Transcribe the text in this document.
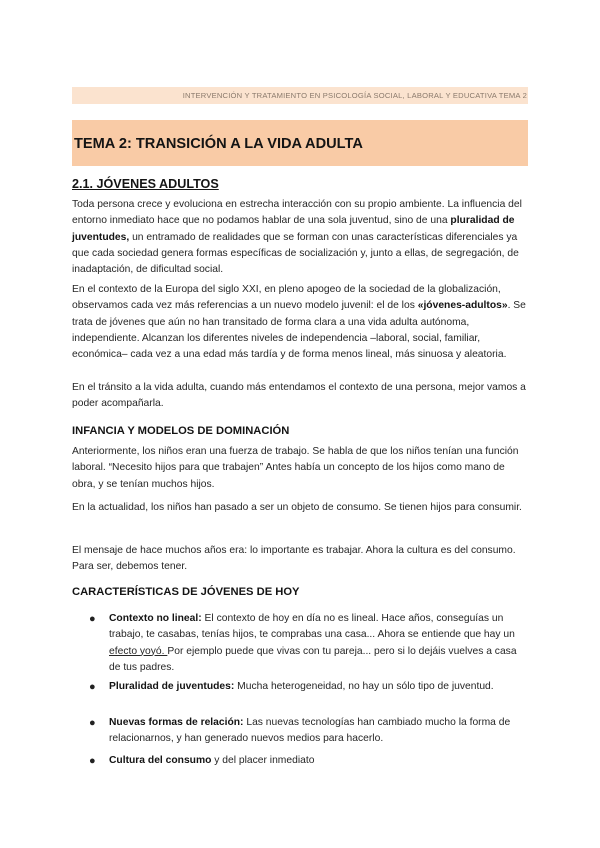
INTERVENCIÓN Y TRATAMIENTO EN PSICOLOGÍA SOCIAL, LABORAL Y EDUCATIVA TEMA 2
TEMA 2: TRANSICIÓN A LA VIDA ADULTA
2.1. JÓVENES ADULTOS
Toda persona crece y evoluciona en estrecha interacción con su propio ambiente. La influencia del entorno inmediato hace que no podamos hablar de una sola juventud, sino de una pluralidad de juventudes, un entramado de realidades que se forman con unas características diferenciales ya que cada sociedad genera formas específicas de socialización y, junto a ellas, de segregación, de inadaptación, de dificultad social.
En el contexto de la Europa del siglo XXI, en pleno apogeo de la sociedad de la globalización, observamos cada vez más referencias a un nuevo modelo juvenil: el de los «jóvenes-adultos». Se trata de jóvenes que aún no han transitado de forma clara a una vida adulta autónoma, independiente. Alcanzan los diferentes niveles de independencia –laboral, social, familiar, económica– cada vez a una edad más tardía y de forma menos lineal, más sinuosa y aleatoria.
En el tránsito a la vida adulta, cuando más entendamos el contexto de una persona, mejor vamos a poder acompañarla.
INFANCIA Y MODELOS DE DOMINACIÓN
Anteriormente, los niños eran una fuerza de trabajo. Se habla de que los niños tenían una función laboral. “Necesito hijos para que trabajen” Antes había un concepto de los hijos como mano de obra, y se tenían muchos hijos.
En la actualidad, los niños han pasado a ser un objeto de consumo. Se tienen hijos para consumir.
El mensaje de hace muchos años era: lo importante es trabajar. Ahora la cultura es del consumo. Para ser, debemos tener.
CARACTERÍSTICAS DE JÓVENES DE HOY
● Contexto no lineal: El contexto de hoy en día no es lineal. Hace años, conseguías un trabajo, te casabas, tenías hijos, te comprabas una casa... Ahora se entiende que hay un efecto yoyó. Por ejemplo puede que vivas con tu pareja... pero si lo dejáis vuelves a casa de tus padres.
● Pluralidad de juventudes: Mucha heterogeneidad, no hay un sólo tipo de juventud.
● Nuevas formas de relación: Las nuevas tecnologías han cambiado mucho la forma de relacionarnos, y han generado nuevos medios para hacerlo.
● Cultura del consumo y del placer inmediato
